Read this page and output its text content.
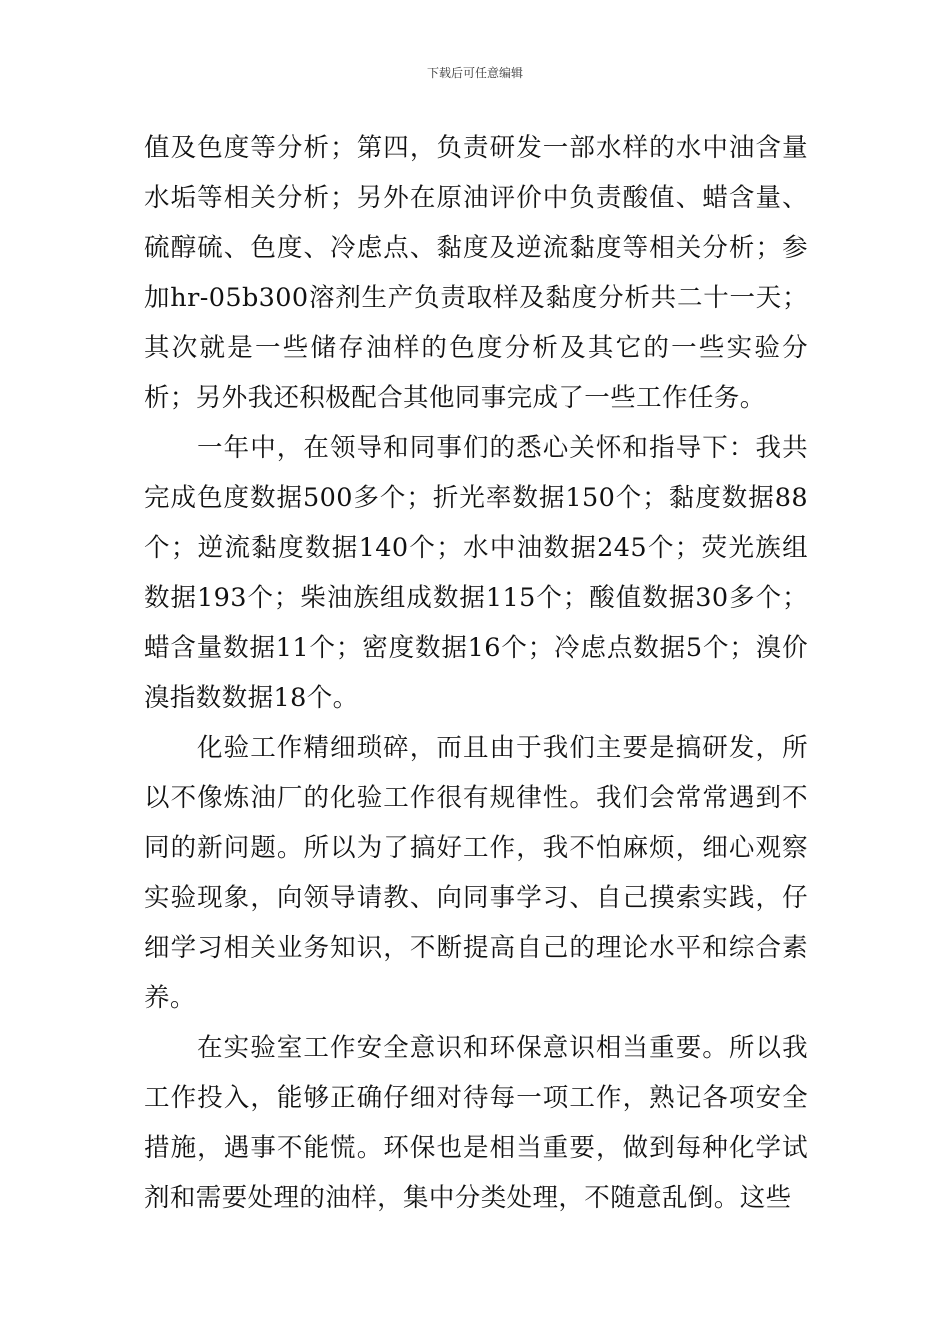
下载后可任意编辑

值及色度等分析；第四，负责研发一部水样的水中油含量水垢等相关分析；另外在原油评价中负责酸值、蜡含量、硫醇硫、色度、冷虑点、黏度及逆流黏度等相关分析；参加hr-05b300溶剂生产负责取样及黏度分析共二十一天；其次就是一些储存油样的色度分析及其它的一些实验分析；另外我还积极配合其他同事完成了一些工作任务。

一年中，在领导和同事们的悉心关怀和指导下：我共完成色度数据500多个；折光率数据150个；黏度数据88个；逆流黏度数据140个；水中油数据245个；荧光族组数据193个；柴油族组成数据115个；酸值数据30多个；蜡含量数据11个；密度数据16个；冷虑点数据5个；溴价溴指数数据18个。

化验工作精细琐碎，而且由于我们主要是搞研发，所以不像炼油厂的化验工作很有规律性。我们会常常遇到不同的新问题。所以为了搞好工作，我不怕麻烦，细心观察实验现象，向领导请教、向同事学习、自己摸索实践，仔细学习相关业务知识，不断提高自己的理论水平和综合素养。

在实验室工作安全意识和环保意识相当重要。所以我工作投入，能够正确仔细对待每一项工作，熟记各项安全措施，遇事不能慌。环保也是相当重要，做到每种化学试剂和需要处理的油样，集中分类处理，不随意乱倒。这些
